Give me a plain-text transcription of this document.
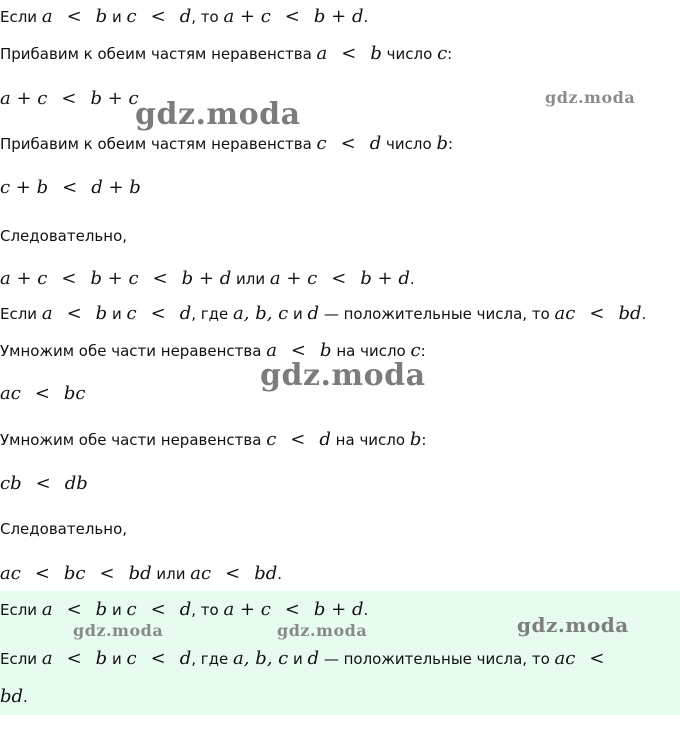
Если a < b и c < d, то a + c < b + d.
Прибавим к обеим частям неравенства a < b число c:
a + c < b + c
Прибавим к обеим частям неравенства c < d число b:
c + b < d + b
Следовательно,
a + c < b + c < b + d или a + c < b + d.
Если a < b и c < d, где a, b, c и d — положительные числа, то ac < bd.
Умножим обе части неравенства a < b на число c:
ac < bc
Умножим обе части неравенства c < d на число b:
cb < db
Следовательно,
ac < bc < bd или ac < bd.
Если a < b и c < d, то a + c < b + d.
Если a < b и c < d, где a, b, c и d — положительные числа, то ac <
bd.
gdz.moda	gdz.moda
gdz.moda
gdz.moda	gdz.moda	gdz.moda
